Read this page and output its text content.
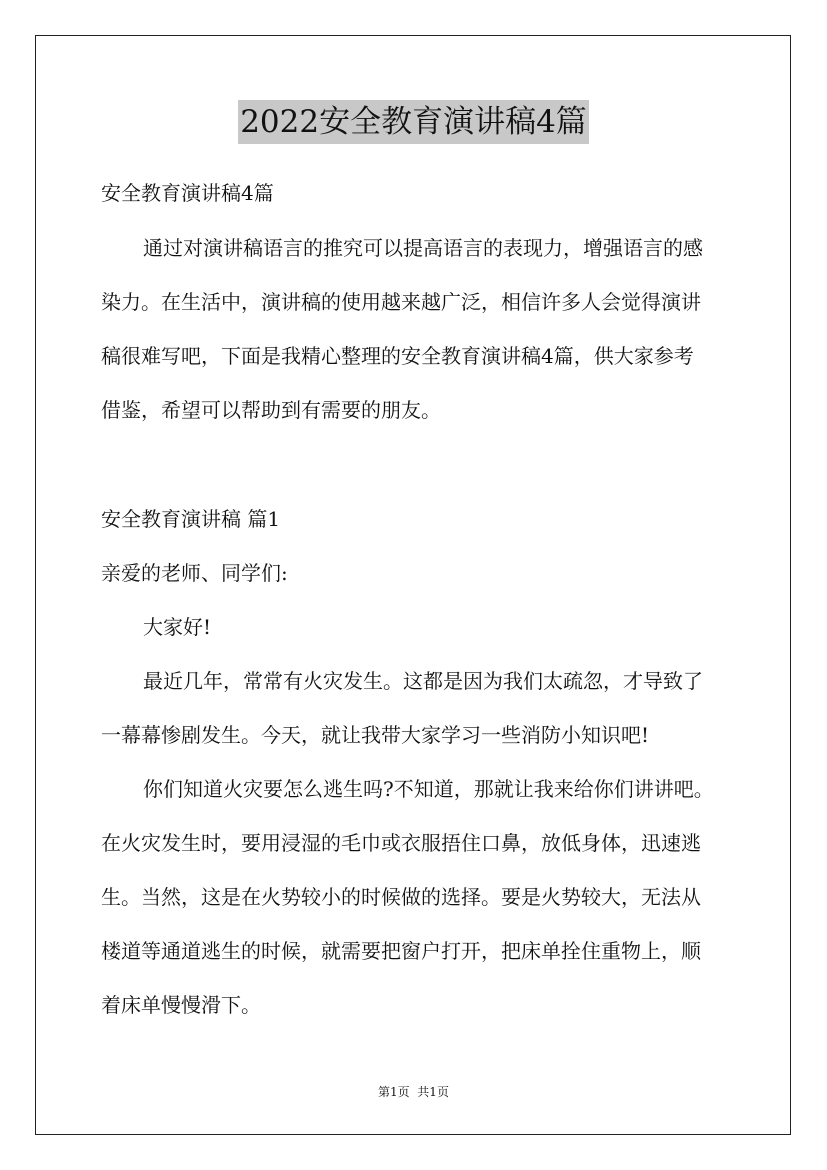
2022安全教育演讲稿4篇
安全教育演讲稿4篇
通过对演讲稿语言的推究可以提高语言的表现力，增强语言的感
染力。在生活中，演讲稿的使用越来越广泛，相信许多人会觉得演讲
稿很难写吧，下面是我精心整理的安全教育演讲稿4篇，供大家参考
借鉴，希望可以帮助到有需要的朋友。
安全教育演讲稿 篇1
亲爱的老师、同学们:
大家好!
最近几年，常常有火灾发生。这都是因为我们太疏忽，才导致了
一幕幕惨剧发生。今天，就让我带大家学习一些消防小知识吧!
你们知道火灾要怎么逃生吗?不知道，那就让我来给你们讲讲吧。
在火灾发生时，要用浸湿的毛巾或衣服捂住口鼻，放低身体，迅速逃
生。当然，这是在火势较小的时候做的选择。要是火势较大，无法从
楼道等通道逃生的时候，就需要把窗户打开，把床单拴住重物上，顺
着床单慢慢滑下。
第1页  共1页
